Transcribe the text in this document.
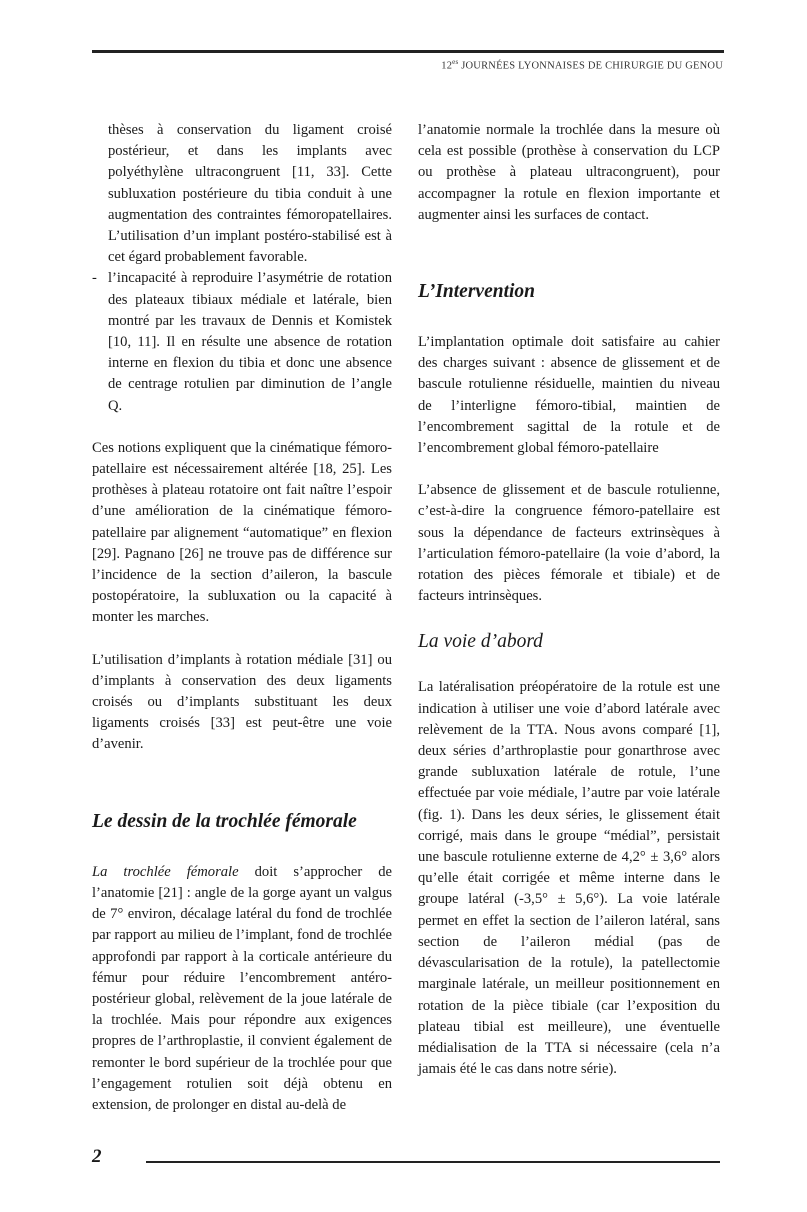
$12^{es}$ JOURNÉES LYONNAISES DE CHIRURGIE DU GENOU

thèses à conservation du ligament croisé postérieur, et dans les implants avec polyéthylène ultracongruent [11, 33]. Cette subluxation postérieure du tibia conduit à une augmentation des contraintes fémoropatellaires. L’utilisation d’un implant postéro-stabilisé est à cet égard probablement favorable.

- l’incapacité à reproduire l’asymétrie de rotation des plateaux tibiaux médiale et latérale, bien montré par les travaux de Dennis et Komistek [10, 11]. Il en résulte une absence de rotation interne en flexion du tibia et donc une absence de centrage rotulien par diminution de l’angle Q.

Ces notions expliquent que la cinématique fémoro-patellaire est nécessairement altérée [18, 25]. Les prothèses à plateau rotatoire ont fait naître l’espoir d’une amélioration de la cinématique fémoro-patellaire par alignement “automatique” en flexion [29]. Pagnano [26] ne trouve pas de différence sur l’incidence de la section d’aileron, la bascule postopératoire, la subluxation ou la capacité à monter les marches.

L’utilisation d’implants à rotation médiale [31] ou d’implants à conservation des deux ligaments croisés ou d’implants substituant les deux ligaments croisés [33] est peut-être une voie d’avenir.

Le dessin de la trochlée fémorale

La trochlée fémorale doit s’approcher de l’anatomie [21] : angle de la gorge ayant un valgus de 7° environ, décalage latéral du fond de trochlée par rapport au milieu de l’implant, fond de trochlée approfondi par rapport à la corticale antérieure du fémur pour réduire l’encombrement antéro-postérieur global, relèvement de la joue latérale de la trochlée. Mais pour répondre aux exigences propres de l’arthroplastie, il convient également de remonter le bord supérieur de la trochlée pour que l’engagement rotulien soit déjà obtenu en extension, de prolonger en distal au-delà de

l’anatomie normale la trochlée dans la mesure où cela est possible (prothèse à conservation du LCP ou prothèse à plateau ultracongruent), pour accompagner la rotule en flexion importante et augmenter ainsi les surfaces de contact.

L’Intervention

L’implantation optimale doit satisfaire au cahier des charges suivant : absence de glissement et de bascule rotulienne résiduelle, maintien du niveau de l’interligne fémoro-tibial, maintien de l’encombrement sagittal de la rotule et de l’encombrement global fémoro-patellaire

L’absence de glissement et de bascule rotulienne, c’est-à-dire la congruence fémoro-patellaire est sous la dépendance de facteurs extrinsèques à l’articulation fémoro-patellaire (la voie d’abord, la rotation des pièces fémorale et tibiale) et de facteurs intrinsèques.

La voie d’abord

La latéralisation préopératoire de la rotule est une indication à utiliser une voie d’abord latérale avec relèvement de la TTA. Nous avons comparé [1], deux séries d’arthroplastie pour gonarthrose avec grande subluxation latérale de rotule, l’une effectuée par voie médiale, l’autre par voie latérale (fig. 1). Dans les deux séries, le glissement était corrigé, mais dans le groupe “médial”, persistait une bascule rotulienne externe de 4,2° ± 3,6° alors qu’elle était corrigée et même interne dans le groupe latéral (-3,5° ± 5,6°). La voie latérale permet en effet la section de l’aileron latéral, sans section de l’aileron médial (pas de dévascularisation de la rotule), la patellectomie marginale latérale, un meilleur positionnement en rotation de la pièce tibiale (car l’exposition du plateau tibial est meilleure), une éventuelle médialisation de la TTA si nécessaire (cela n’a jamais été le cas dans notre série).

2
